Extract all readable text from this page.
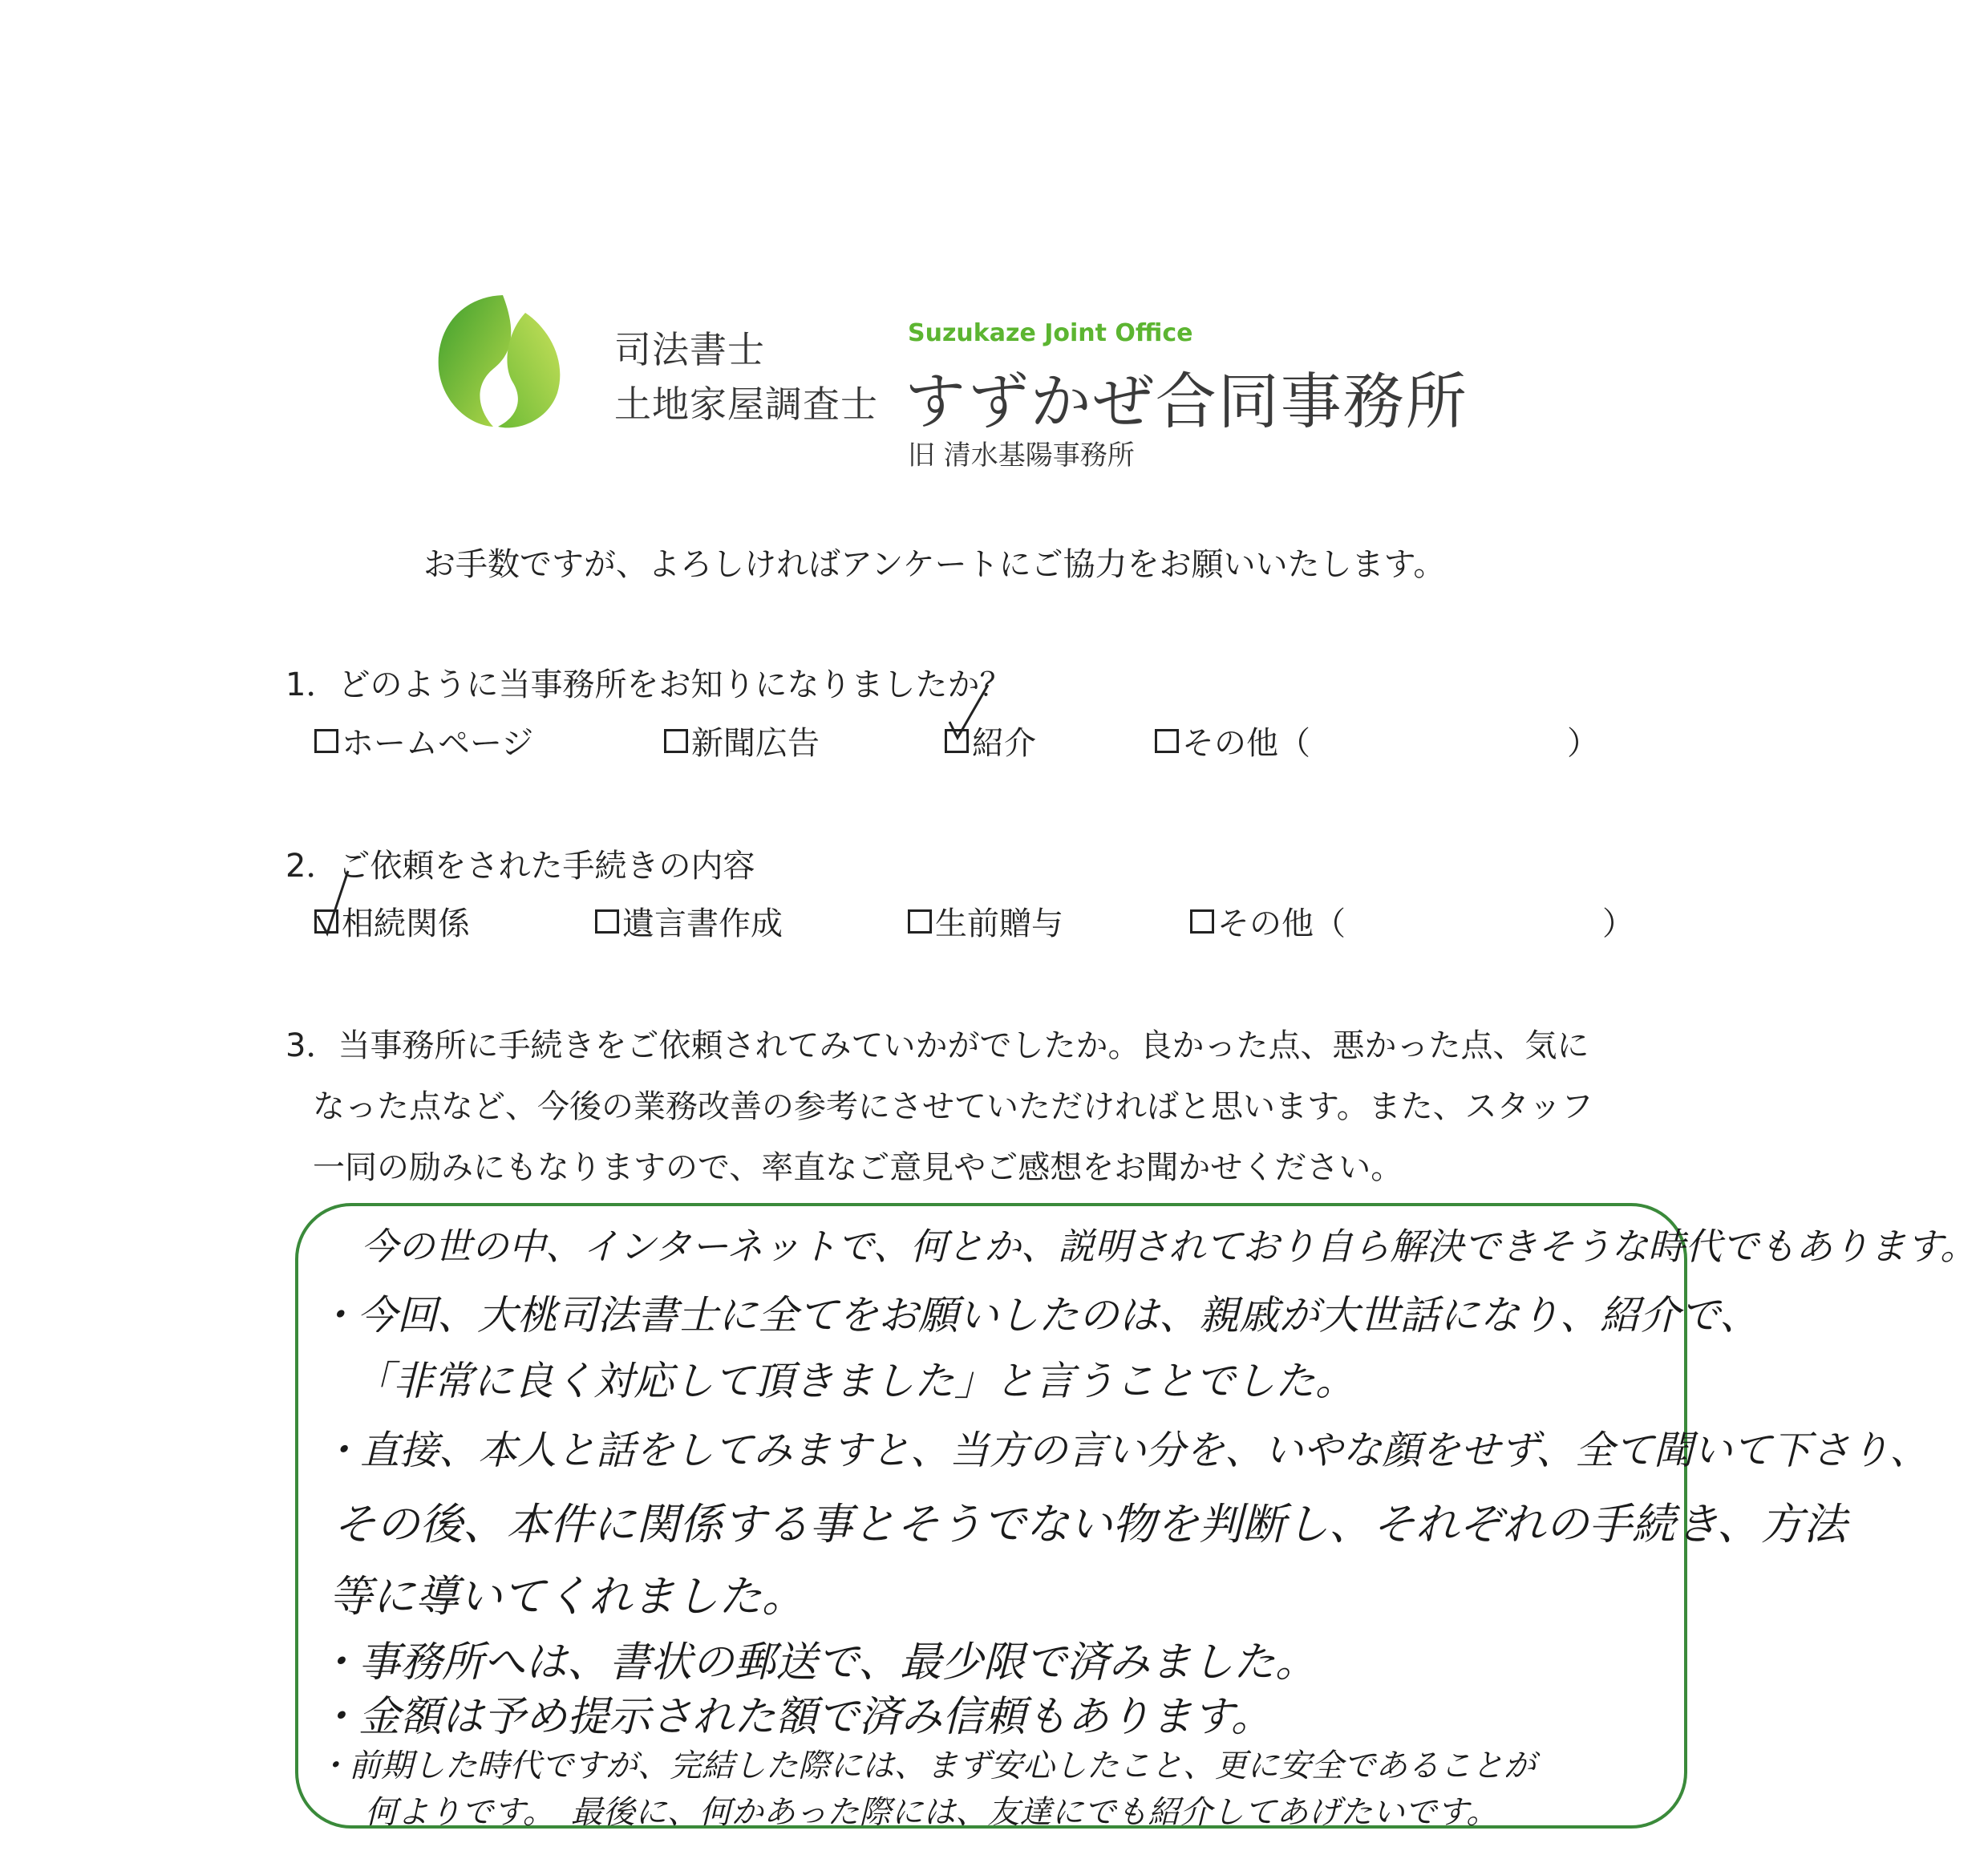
司法書士
土地家屋調査士
Suzukaze Joint Office
すずかぜ合同事務所
旧 清水基陽事務所
お手数ですが、よろしければアンケートにご協力をお願いいたします。
1．どのように当事務所をお知りになりましたか？
ホームページ	新聞広告	紹介	その他（	）
2．ご依頼をされた手続きの内容
相続関係	遺言書作成	生前贈与	その他（	）
3．当事務所に手続きをご依頼されてみていかがでしたか。良かった点、悪かった点、気に
なった点など、今後の業務改善の参考にさせていただければと思います。また、スタッフ
一同の励みにもなりますので、率直なご意見やご感想をお聞かせください。
今の世の中、インターネットで、何とか、説明されており自ら解決できそうな時代でもあります。
・今回、大桃司法書士に全てをお願いしたのは、親戚が大世話になり、紹介で、
「非常に良く対応して頂きました」と言うことでした。
・直接、本人と話をしてみますと、当方の言い分を、いやな顔をせず、全て聞いて下さり、
その後、本件に関係する事とそうでない物を判断し、それぞれの手続き、方法
等に導いてくれました。
・事務所へは、書状の郵送で、最少限で済みました。
・金額は予め提示された額で済み信頼もあります。
・前期した時代ですが、完結した際には、まず安心したこと、更に安全であることが
何よりです。　最後に、何かあった際には、友達にでも紹介してあげたいです。
